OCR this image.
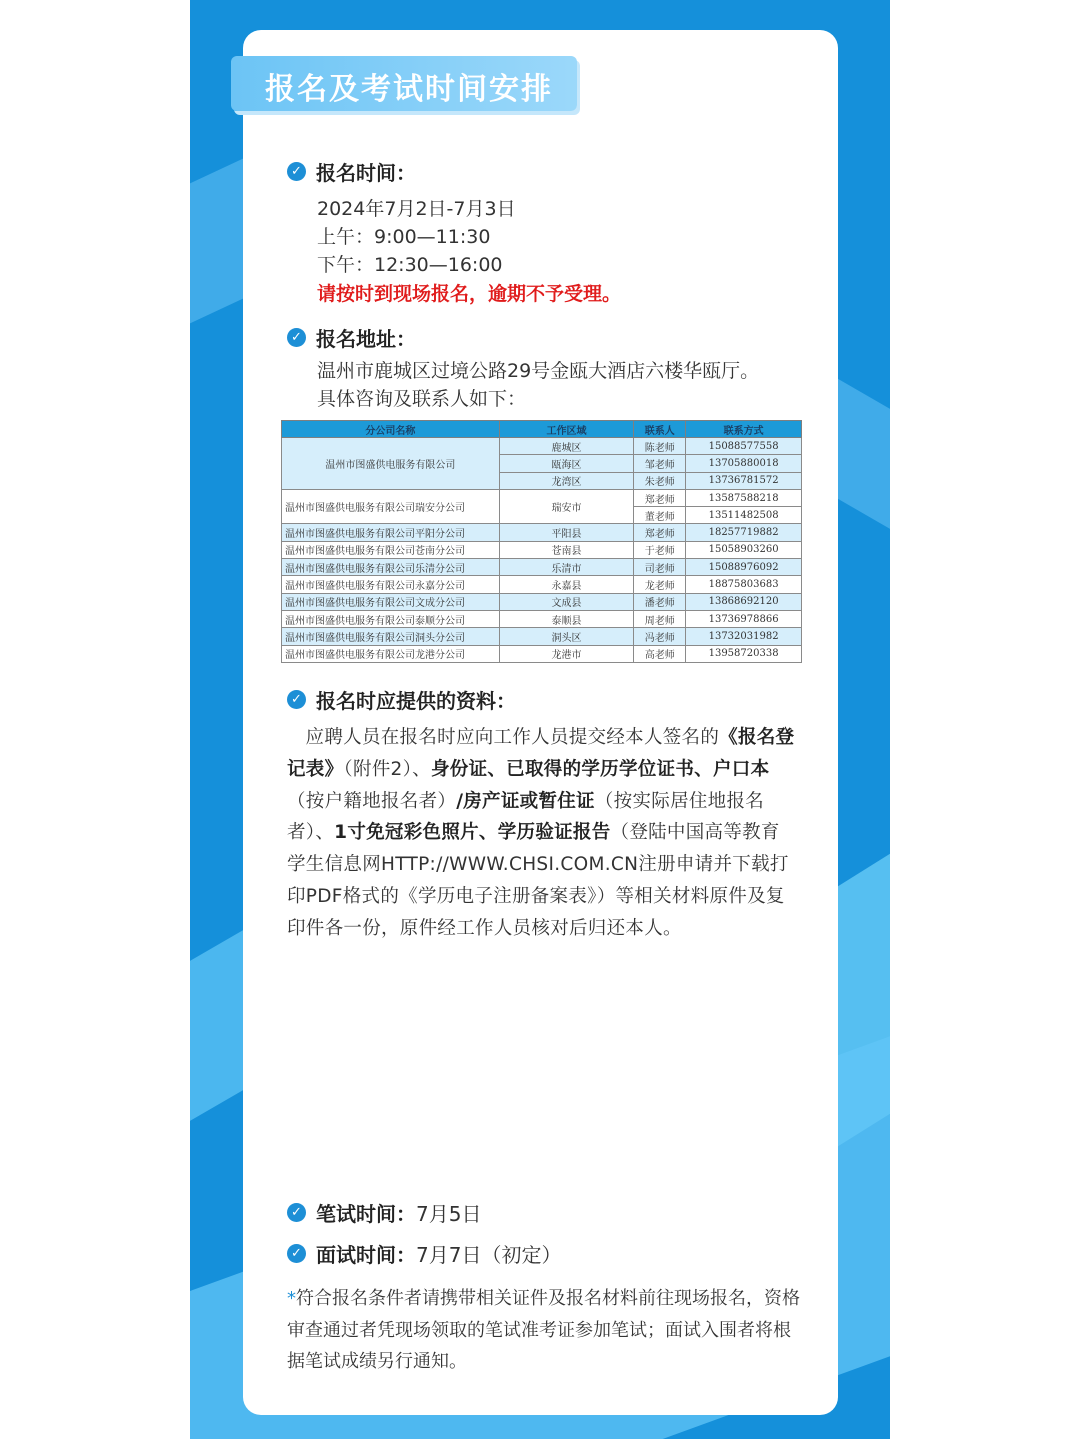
报名及考试时间安排
✓ 报名时间：
2024年7月2日-7月3日
上午：9:00—11:30
下午：12:30—16:00
请按时到现场报名，逾期不予受理。
✓ 报名地址：
温州市鹿城区过境公路29号金瓯大酒店六楼华瓯厅。
具体咨询及联系人如下：
分公司名称	工作区域	联系人	联系方式
温州市图盛供电服务有限公司	鹿城区	陈老师	15088577558
	瓯海区	邹老师	13705880018
	龙湾区	朱老师	13736781572
温州市图盛供电服务有限公司瑞安分公司	瑞安市	郑老师	13587588218
		董老师	13511482508
温州市图盛供电服务有限公司平阳分公司	平阳县	郑老师	18257719882
温州市图盛供电服务有限公司苍南分公司	苍南县	于老师	15058903260
温州市图盛供电服务有限公司乐清分公司	乐清市	司老师	15088976092
温州市图盛供电服务有限公司永嘉分公司	永嘉县	龙老师	18875803683
温州市图盛供电服务有限公司文成分公司	文成县	潘老师	13868692120
温州市图盛供电服务有限公司泰顺分公司	泰顺县	周老师	13736978866
温州市图盛供电服务有限公司洞头分公司	洞头区	冯老师	13732031982
温州市图盛供电服务有限公司龙港分公司	龙港市	高老师	13958720338
✓ 报名时应提供的资料：
应聘人员在报名时应向工作人员提交经本人签名的《报名登记表》（附件2）、身份证、已取得的学历学位证书、户口本（按户籍地报名者）/房产证或暂住证（按实际居住地报名者）、1寸免冠彩色照片、学历验证报告（登陆中国高等教育学生信息网HTTP://WWW.CHSI.COM.CN注册申请并下载打印PDF格式的《学历电子注册备案表》）等相关材料原件及复印件各一份，原件经工作人员核对后归还本人。
✓ 笔试时间：7月5日
✓ 面试时间：7月7日（初定）
*符合报名条件者请携带相关证件及报名材料前往现场报名，资格审查通过者凭现场领取的笔试准考证参加笔试；面试入围者将根据笔试成绩另行通知。
